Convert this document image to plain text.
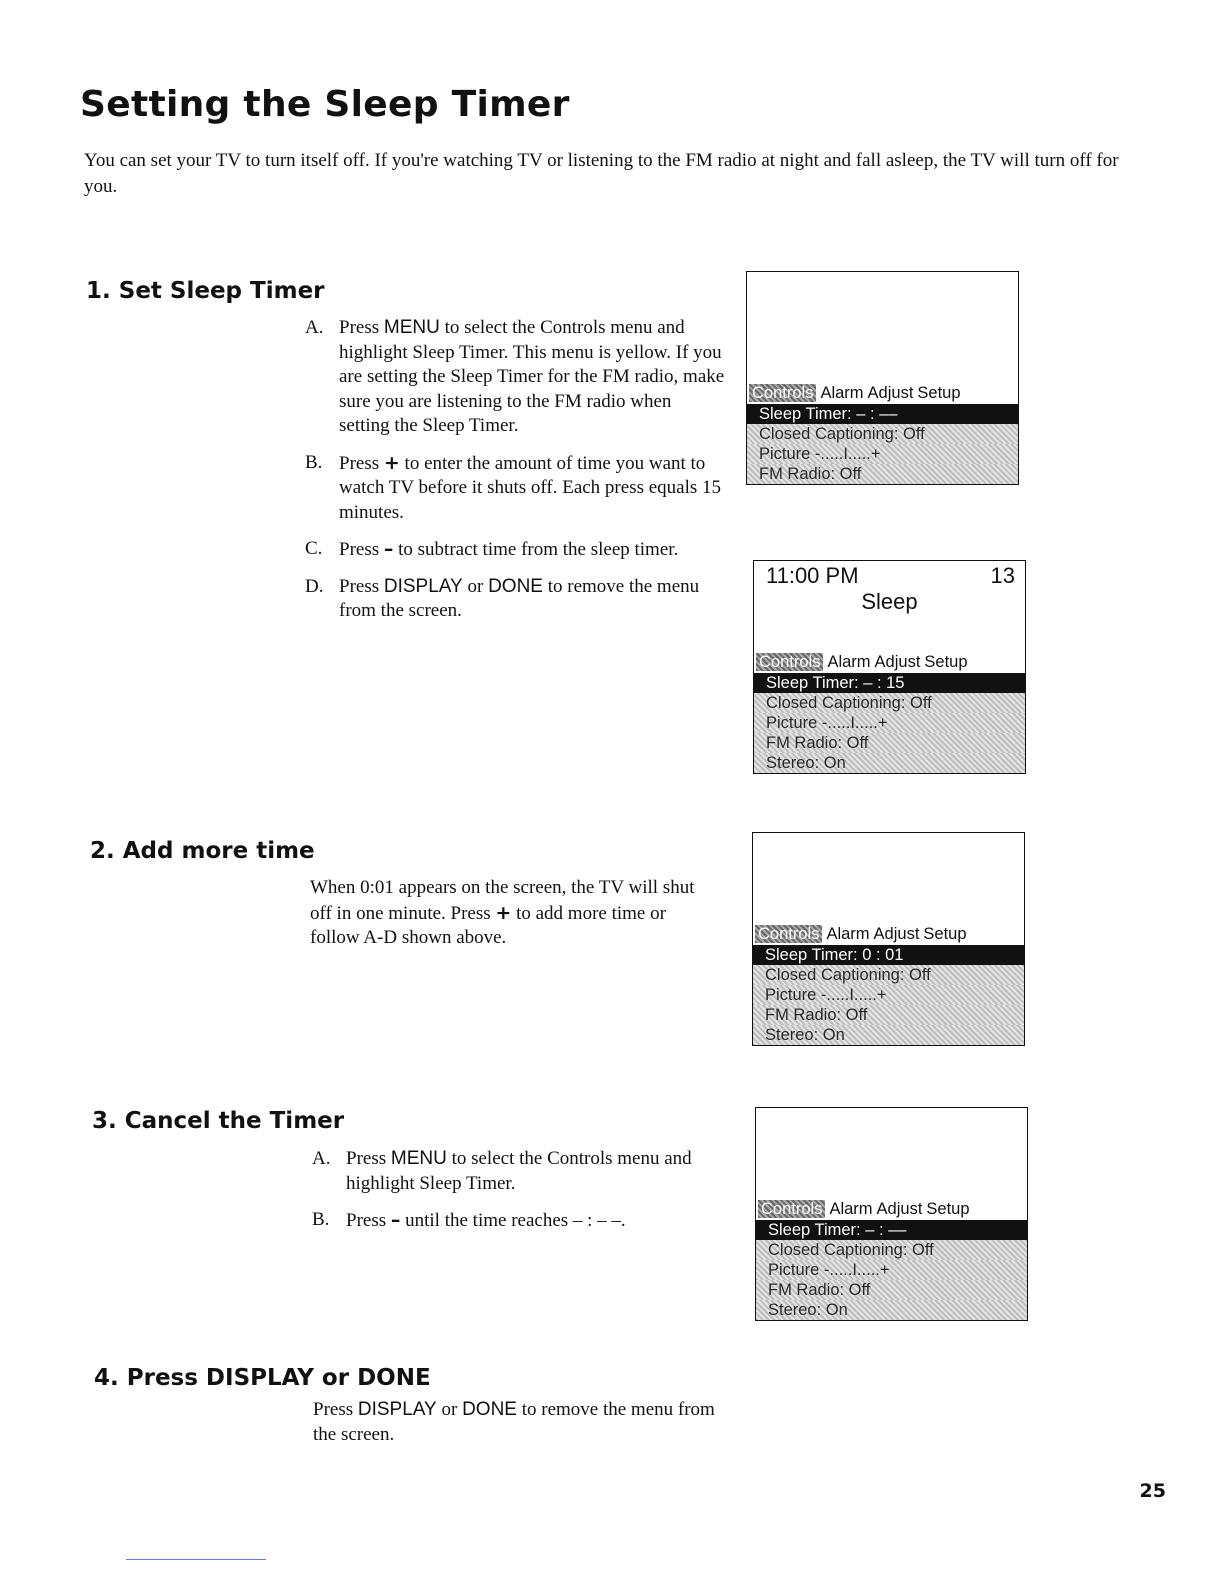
Setting the Sleep Timer

You can set your TV to turn itself off. If you're watching TV or listening to the FM radio at night and fall asleep, the TV will turn off for you.

1. Set Sleep Timer
A. Press MENU to select the Controls menu and highlight Sleep Timer. This menu is yellow. If you are setting the Sleep Timer for the FM radio, make sure you are listening to the FM radio when setting the Sleep Timer.
B. Press + to enter the amount of time you want to watch TV before it shuts off. Each press equals 15 minutes.
C. Press – to subtract time from the sleep timer.
D. Press DISPLAY or DONE to remove the menu from the screen.
Controls Alarm Adjust Setup
Sleep Timer: – : ––
Closed Captioning: Off
Picture -.....I.....+
FM Radio: Off
11:00 PM	13
Sleep
Controls Alarm Adjust Setup
Sleep Timer: – : 15
Closed Captioning: Off
Picture -.....I.....+
FM Radio: Off
Stereo: On
2. Add more time

When 0:01 appears on the screen, the TV will shut off in one minute. Press + to add more time or follow A-D shown above.	Controls Alarm Adjust Setup
Sleep Timer: 0 : 01
Closed Captioning: Off
Picture -.....I.....+
FM Radio: Off
Stereo: On
3. Cancel the Timer
A. Press MENU to select the Controls menu and highlight Sleep Timer.
B. Press – until the time reaches – : – –.
Controls Alarm Adjust Setup
Sleep Timer: – : ––
Closed Captioning: Off
Picture -.....I.....+
FM Radio: Off
Stereo: On
4. Press DISPLAY or DONE

Press DISPLAY or DONE to remove the menu from the screen.

25
